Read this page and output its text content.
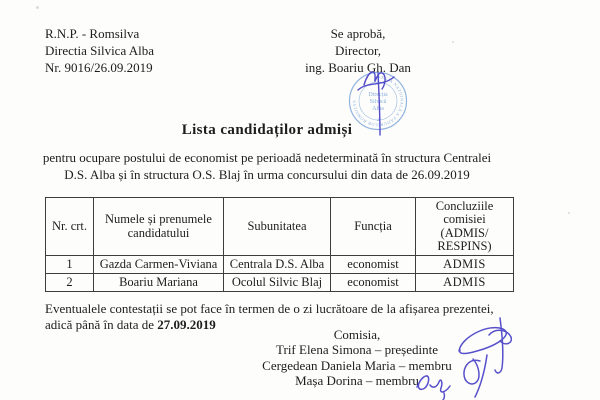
R.N.P. - Romsilva
Directia Silvica Alba
Nr. 9016/26.09.2019
Se aprobă,
Director,
ing. Boariu Gh. Dan
REGIA NAȚIONALĂ A PĂDURILOR ROMSILVA
Direcția
Silvică
Alba
2
Lista candidaților admiși
pentru ocupare postului de economist pe perioadă nedeterminată în structura Centralei
D.S. Alba și în structura O.S. Blaj în urma concursului din data de 26.09.2019
Nr. crt.	Numele și prenumele candidatului	Subunitatea	Funcția	Concluziile comisiei (ADMIS/ RESPINS)
1	Gazda Carmen-Viviana	Centrala D.S. Alba	economist	ADMIS
2	Boariu Mariana	Ocolul Silvic Blaj	economist	ADMIS
Eventualele contestații se pot face în termen de o zi lucrătoare de la afișarea prezentei,
adică până în data de 27.09.2019
Comisia,
Trif Elena Simona – președinte
Cergedean Daniela Maria – membru
Mașa Dorina – membru
